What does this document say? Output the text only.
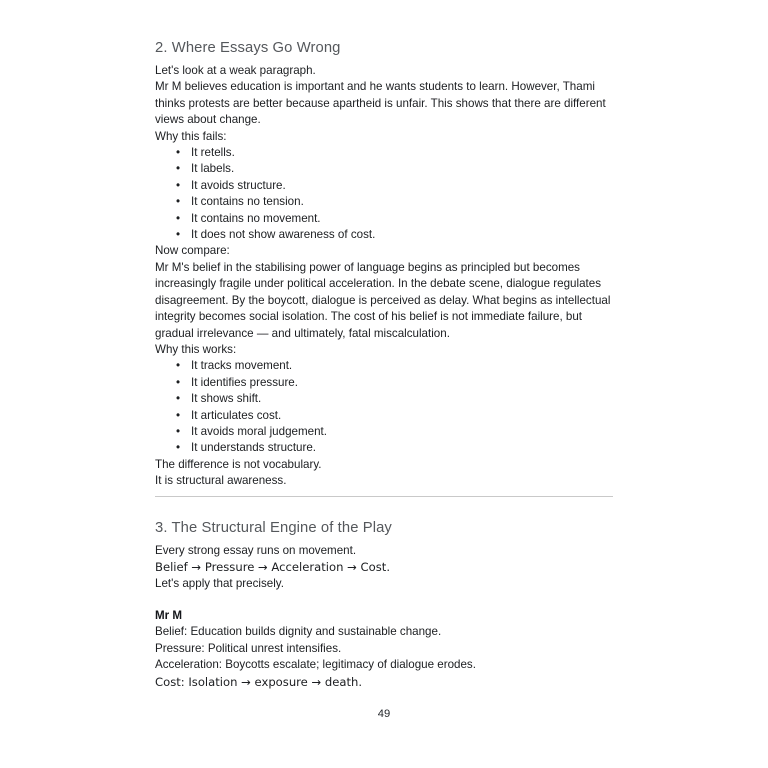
2. Where Essays Go Wrong

Let's look at a weak paragraph.

Mr M believes education is important and he wants students to learn. However, Thami thinks protests are better because apartheid is unfair. This shows that there are different views about change.

Why this fails:

• It retells.
• It labels.
• It avoids structure.
• It contains no tension.
• It contains no movement.
• It does not show awareness of cost.

Now compare:

Mr M's belief in the stabilising power of language begins as principled but becomes increasingly fragile under political acceleration. In the debate scene, dialogue regulates disagreement. By the boycott, dialogue is perceived as delay. What begins as intellectual integrity becomes social isolation. The cost of his belief is not immediate failure, but gradual irrelevance — and ultimately, fatal miscalculation.

Why this works:

• It tracks movement.
• It identifies pressure.
• It shows shift.
• It articulates cost.
• It avoids moral judgement.
• It understands structure.

The difference is not vocabulary.

It is structural awareness.

3. The Structural Engine of the Play

Every strong essay runs on movement.

Belief → Pressure → Acceleration → Cost.

Let's apply that precisely.

Mr M

Belief: Education builds dignity and sustainable change.

Pressure: Political unrest intensifies.

Acceleration: Boycotts escalate; legitimacy of dialogue erodes.

Cost: Isolation → exposure → death.

49
